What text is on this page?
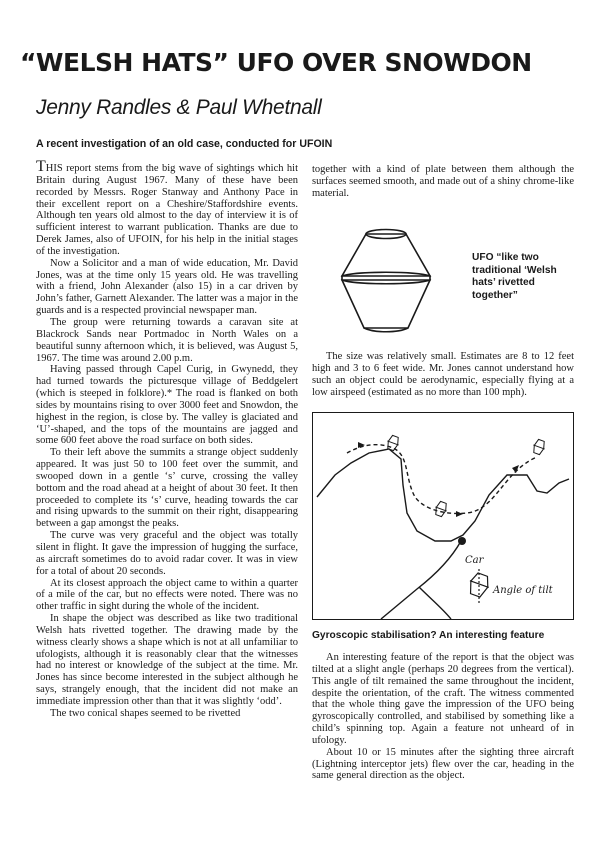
“WELSH HATS” UFO OVER SNOWDON
Jenny Randles & Paul Whetnall
A recent investigation of an old case, conducted for UFOIN

THIS report stems from the big wave of sightings which hit Britain during August 1967. Many of these have been recorded by Messrs. Roger Stanway and Anthony Pace in their excellent report on a Cheshire/Staffordshire events. Although ten years old almost to the day of interview it is of sufficient interest to warrant publication. Thanks are due to Derek James, also of UFOIN, for his help in the initial stages of the investigation.

Now a Solicitor and a man of wide education, Mr. David Jones, was at the time only 15 years old. He was travelling with a friend, John Alexander (also 15) in a car driven by John’s father, Garnett Alexander. The latter was a major in the guards and is a respected provincial newspaper man.

The group were returning towards a caravan site at Blackrock Sands near Portmadoc in North Wales on a beautiful sunny afternoon which, it is believed, was August 5, 1967. The time was around 2.00 p.m.

Having passed through Capel Curig, in Gwynedd, they had turned towards the picturesque village of Beddgelert (which is steeped in folklore).* The road is flanked on both sides by mountains rising to over 3000 feet and Snowdon, the highest in the region, is close by. The valley is glaciated and ‘U’-shaped, and the tops of the mountains are jagged and some 600 feet above the road surface on both sides.

To their left above the summits a strange object suddenly appeared. It was just 50 to 100 feet over the summit, and swooped down in a gentle ‘s’ curve, crossing the valley bottom and the road ahead at a height of about 30 feet. It then proceeded to complete its ‘s’ curve, heading towards the car and rising upwards to the summit on their right, disappearing between a gap amongst the peaks.

The curve was very graceful and the object was totally silent in flight. It gave the impression of hugging the surface, as aircraft sometimes do to avoid radar cover. It was in view for a total of about 20 seconds.

At its closest approach the object came to within a quarter of a mile of the car, but no effects were noted. There was no other traffic in sight during the whole of the incident.

In shape the object was described as like two traditional Welsh hats rivetted together. The drawing made by the witness clearly shows a shape which is not at all unfamiliar to ufologists, although it is reasonably clear that the witnesses had no interest or knowledge of the subject at the time. Mr. Jones has since become interested in the subject although he says, strangely enough, that the incident did not make an immediate impression other than that it was slightly ‘odd’.

The two conical shapes seemed to be rivetted

together with a kind of plate between them although the surfaces seemed smooth, and made out of a shiny chrome-like material.

UFO “like two traditional ‘Welsh hats’ rivetted together”

The size was relatively small. Estimates are 8 to 12 feet high and 3 to 6 feet wide. Mr. Jones cannot understand how such an object could be aerodynamic, especially flying at a low airspeed (estimated as no more than 100 mph).

Car
Angle of tilt
Gyroscopic stabilisation? An interesting feature

An interesting feature of the report is that the object was tilted at a slight angle (perhaps 20 degrees from the vertical). This angle of tilt remained the same throughout the incident, despite the orientation, of the craft. The witness commented that the whole thing gave the impression of the UFO being gyroscopically controlled, and stabilised by something like a child’s spinning top. Again a feature not unheard of in ufology.

About 10 or 15 minutes after the sighting three aircraft (Lightning interceptor jets) flew over the car, heading in the same general direction as the object.
